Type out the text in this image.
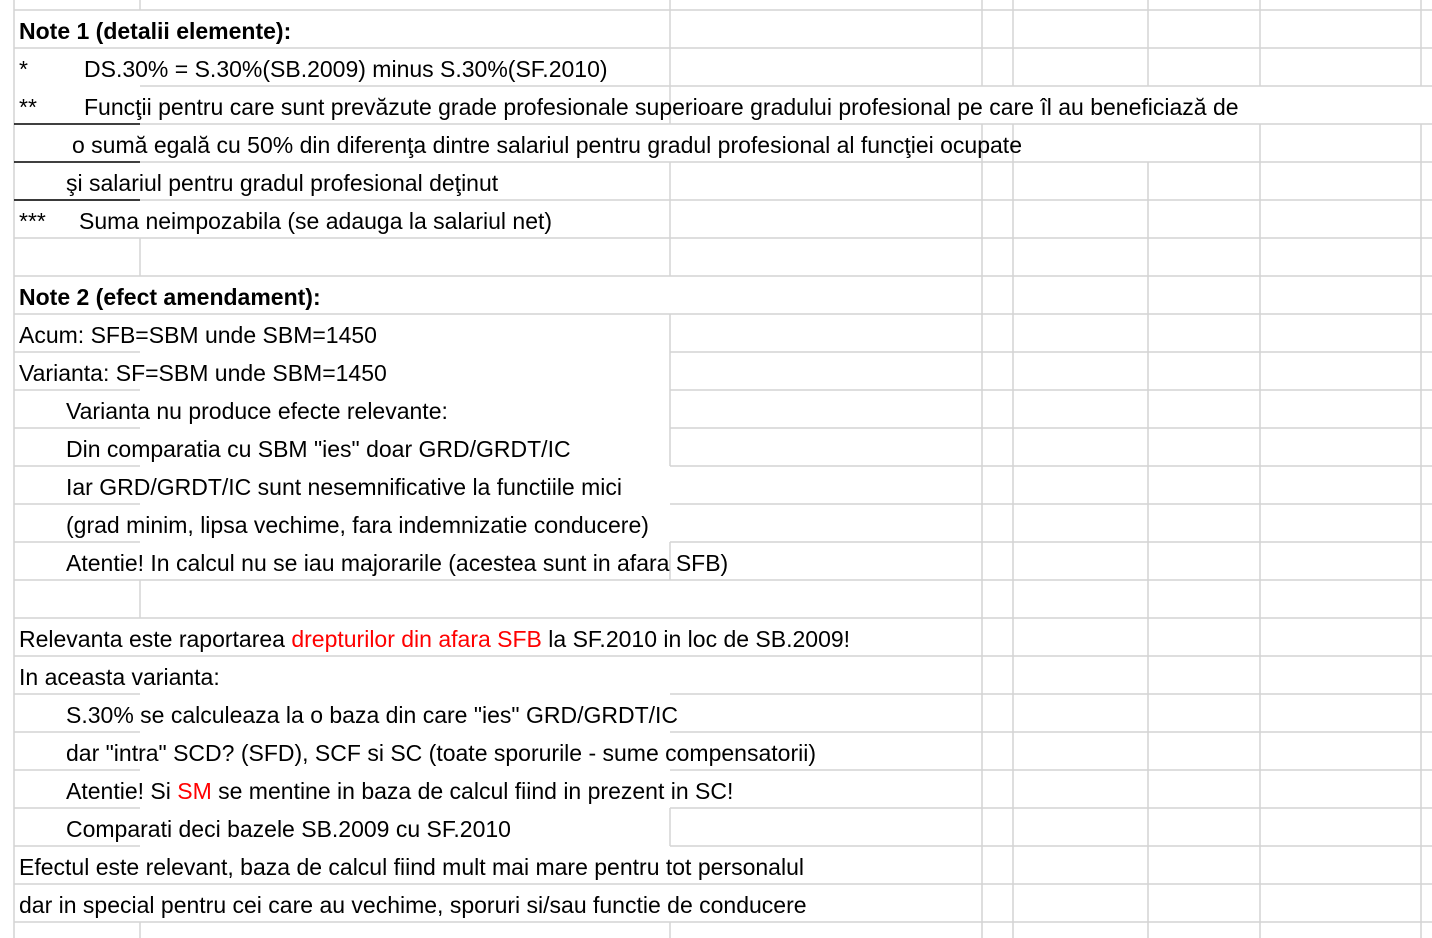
Note 1 (detalii elemente):
* DS.30% = S.30%(SB.2009) minus S.30%(SF.2010)
** Funcţii pentru care sunt prevăzute grade profesionale superioare gradului profesional pe care îl au beneficiază de
o sumă egală cu 50% din diferenţa dintre salariul pentru gradul profesional al funcţiei ocupate
şi salariul pentru gradul profesional deţinut
*** Suma neimpozabila (se adauga la salariul net)
Note 2 (efect amendament):
Acum: SFB=SBM unde SBM=1450
Varianta: SF=SBM unde SBM=1450
Varianta nu produce efecte relevante:
Din comparatia cu SBM "ies" doar GRD/GRDT/IC
Iar GRD/GRDT/IC sunt nesemnificative la functiile mici
(grad minim, lipsa vechime, fara indemnizatie conducere)
Atentie! In calcul nu se iau majorarile (acestea sunt in afara SFB)
Relevanta este raportarea drepturilor din afara SFB la SF.2010 in loc de SB.2009!
In aceasta varianta:
S.30% se calculeaza la o baza din care "ies" GRD/GRDT/IC
dar "intra" SCD? (SFD), SCF si SC (toate sporurile - sume compensatorii)
Atentie! Si SM se mentine in baza de calcul fiind in prezent in SC!
Comparati deci bazele SB.2009 cu SF.2010
Efectul este relevant, baza de calcul fiind mult mai mare pentru tot personalul
dar in special pentru cei care au vechime, sporuri si/sau functie de conducere
